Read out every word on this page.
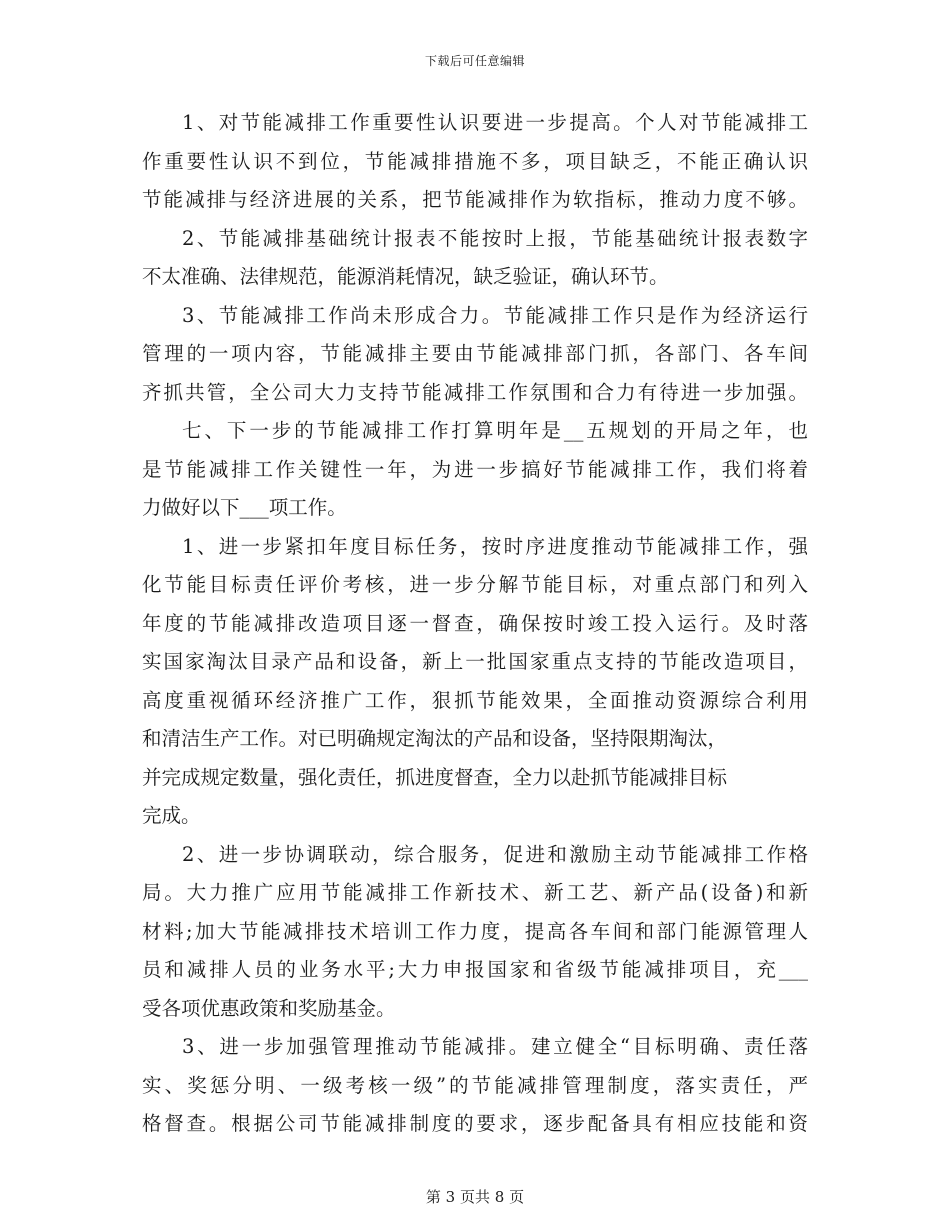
下载后可任意编辑
1、对节能减排工作重要性认识要进一步提高。个人对节能减排工
作重要性认识不到位，节能减排措施不多，项目缺乏，不能正确认识
节能减排与经济进展的关系，把节能减排作为软指标，推动力度不够。
2、节能减排基础统计报表不能按时上报，节能基础统计报表数字
不太准确、法律规范，能源消耗情况，缺乏验证，确认环节。
3、节能减排工作尚未形成合力。节能减排工作只是作为经济运行
管理的一项内容，节能减排主要由节能减排部门抓，各部门、各车间
齐抓共管，全公司大力支持节能减排工作氛围和合力有待进一步加强。
七、下一步的节能减排工作打算明年是__五规划的开局之年，也
是节能减排工作关键性一年，为进一步搞好节能减排工作，我们将着
力做好以下___项工作。
1、进一步紧扣年度目标任务，按时序进度推动节能减排工作，强
化节能目标责任评价考核，进一步分解节能目标，对重点部门和列入
年度的节能减排改造项目逐一督查，确保按时竣工投入运行。及时落
实国家淘汰目录产品和设备，新上一批国家重点支持的节能改造项目，
高度重视循环经济推广工作，狠抓节能效果，全面推动资源综合利用
和清洁生产工作。对已明确规定淘汰的产品和设备，坚持限期淘汰，
并完成规定数量，强化责任，抓进度督查，全力以赴抓节能减排目标
完成。
2、进一步协调联动，综合服务，促进和激励主动节能减排工作格
局。大力推广应用节能减排工作新技术、新工艺、新产品(设备)和新
材料;加大节能减排技术培训工作力度，提高各车间和部门能源管理人
员和减排人员的业务水平;大力申报国家和省级节能减排项目，充___
受各项优惠政策和奖励基金。
3、进一步加强管理推动节能减排。建立健全“目标明确、责任落
实、奖惩分明、一级考核一级”的节能减排管理制度，落实责任，严
格督查。根据公司节能减排制度的要求，逐步配备具有相应技能和资
第 3 页共 8 页
